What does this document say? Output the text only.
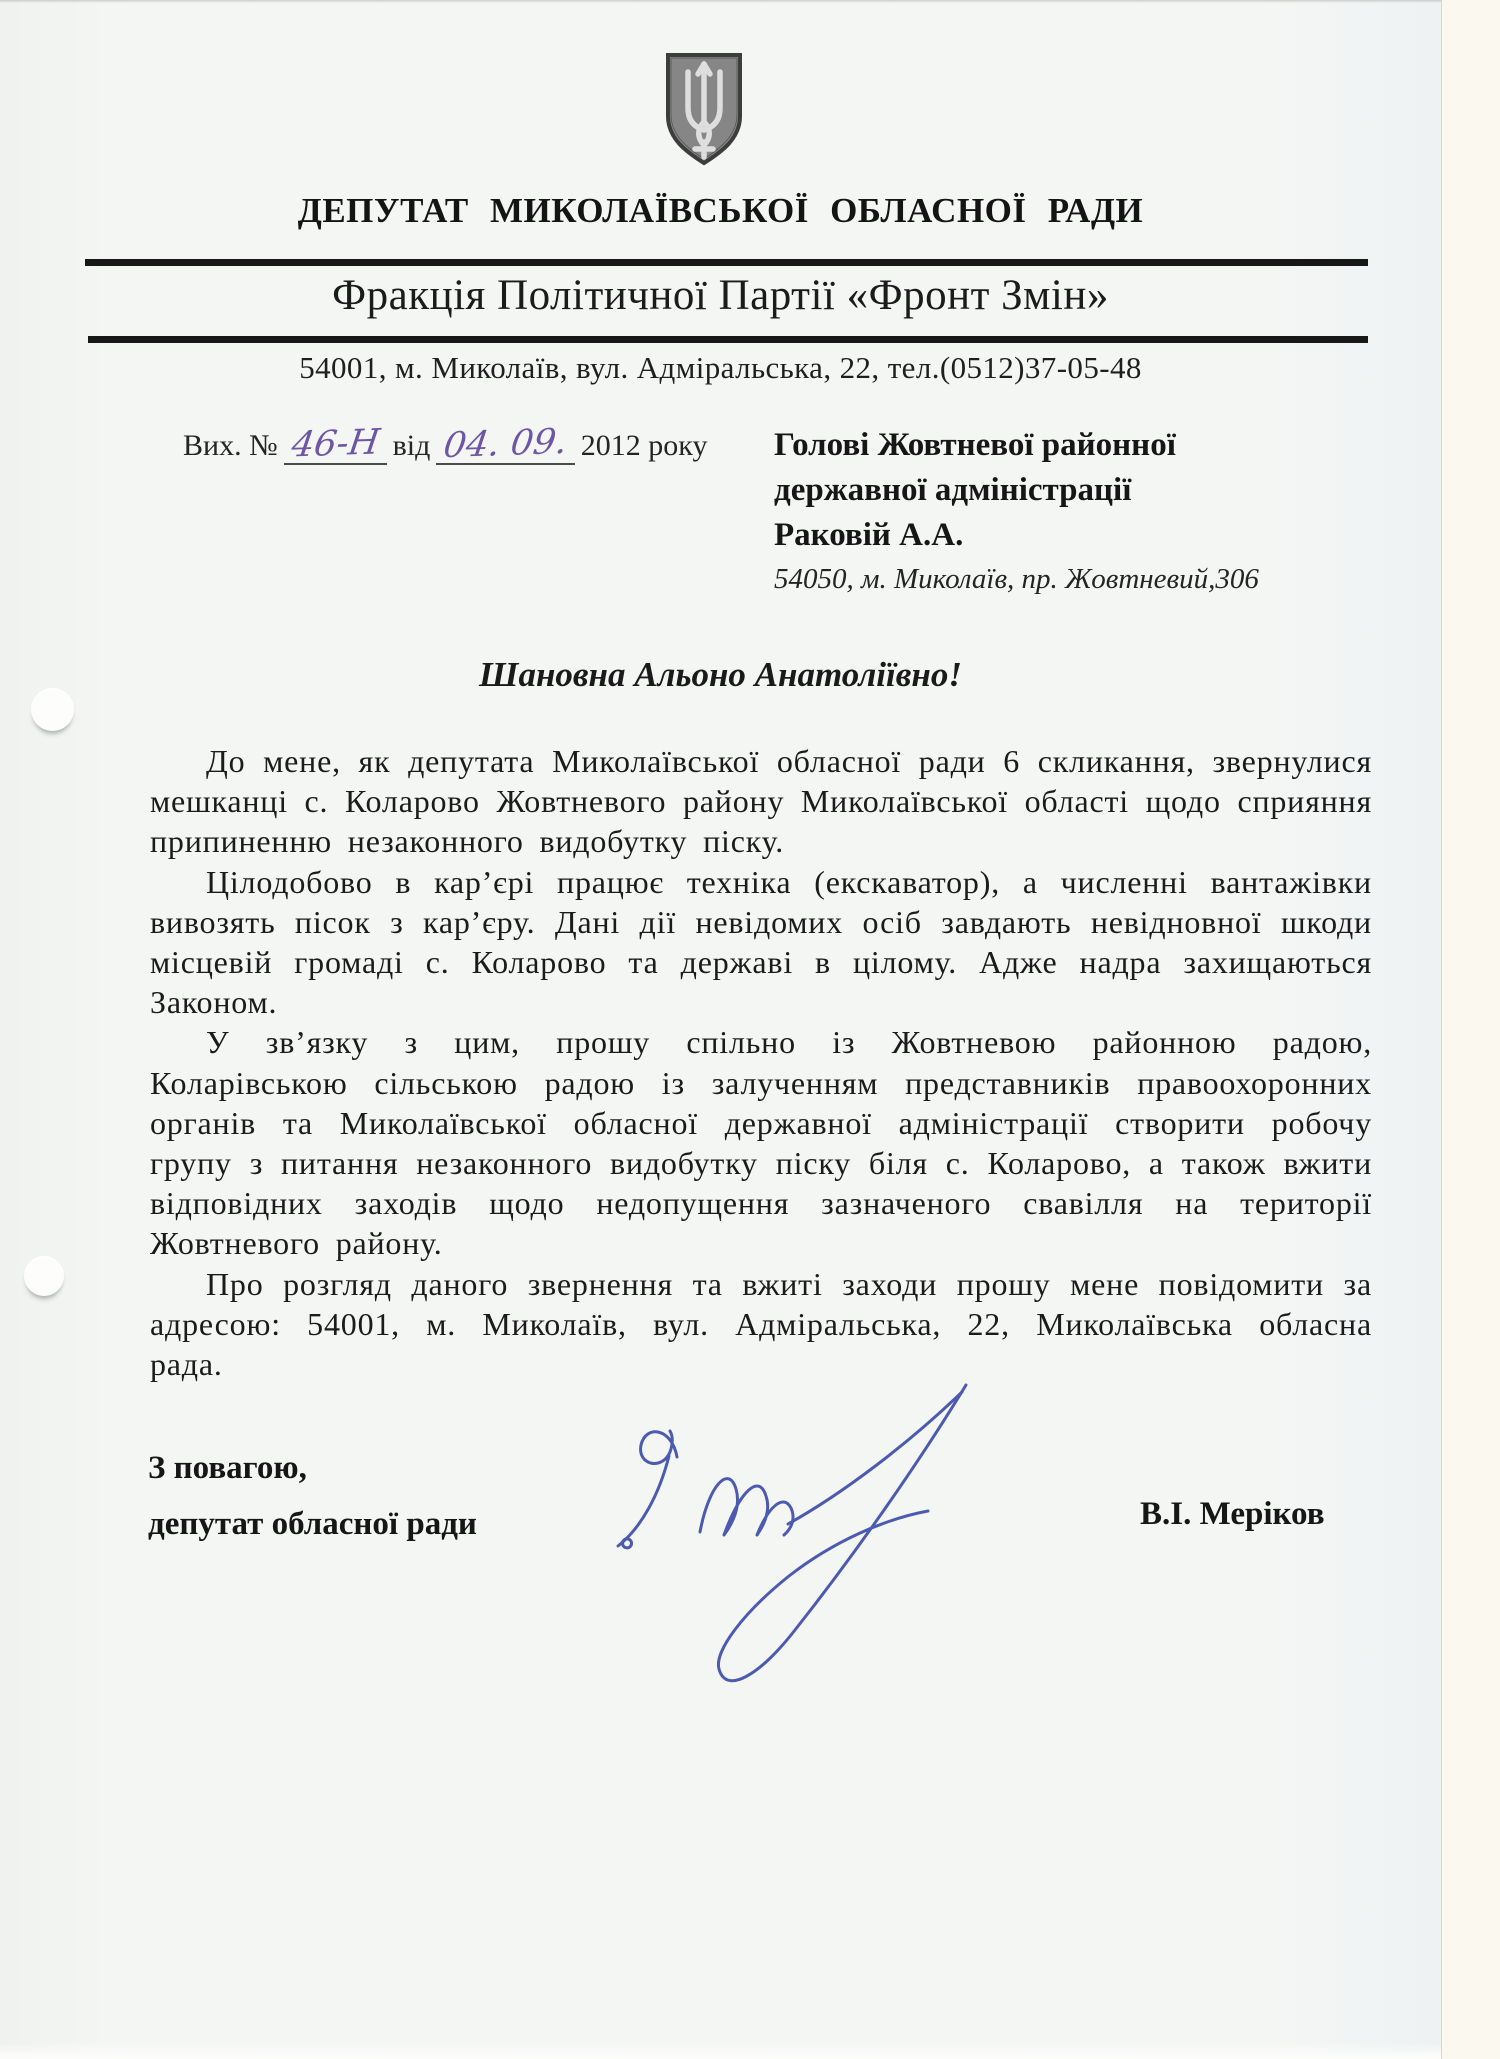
ДЕПУТАТ МИКОЛАЇВСЬКОЇ ОБЛАСНОЇ РАДИ
Фракція Політичної Партії «Фронт Змін»
54001, м. Миколаїв, вул. Адміральська, 22, тел.(0512)37-05-48
Вих. № 46-Н від 04. 09. 2012 року Голові Жовтневої районної
державної адміністрації
Раковій А.А.
54050, м. Миколаїв, пр. Жовтневий,306
Шановна Альоно Анатоліївно!

До мене, як депутата Миколаївської обласної ради 6 скликання, звернулися мешканці с. Коларово Жовтневого району Миколаївської області щодо сприяння припиненню незаконного видобутку піску.

Цілодобово в кар’єрі працює техніка (екскаватор), а численні вантажівки вивозять пісок з кар’єру. Дані дії невідомих осіб завдають невідновної шкоди місцевій громаді с. Коларово та державі в цілому. Адже надра захищаються Законом.

У зв’язку з цим, прошу спільно із Жовтневою районною радою, Коларівською сільською радою із залученням представників правоохоронних органів та Миколаївської обласної державної адміністрації створити робочу групу з питання незаконного видобутку піску біля с. Коларово, а також вжити відповідних заходів щодо недопущення зазначеного свавілля на території Жовтневого району.

Про розгляд даного звернення та вжиті заходи прошу мене повідомити за адресою: 54001, м. Миколаїв, вул. Адміральська, 22, Миколаївська обласна рада.

З повагою,
депутат обласної ради	В.І. Меріков
